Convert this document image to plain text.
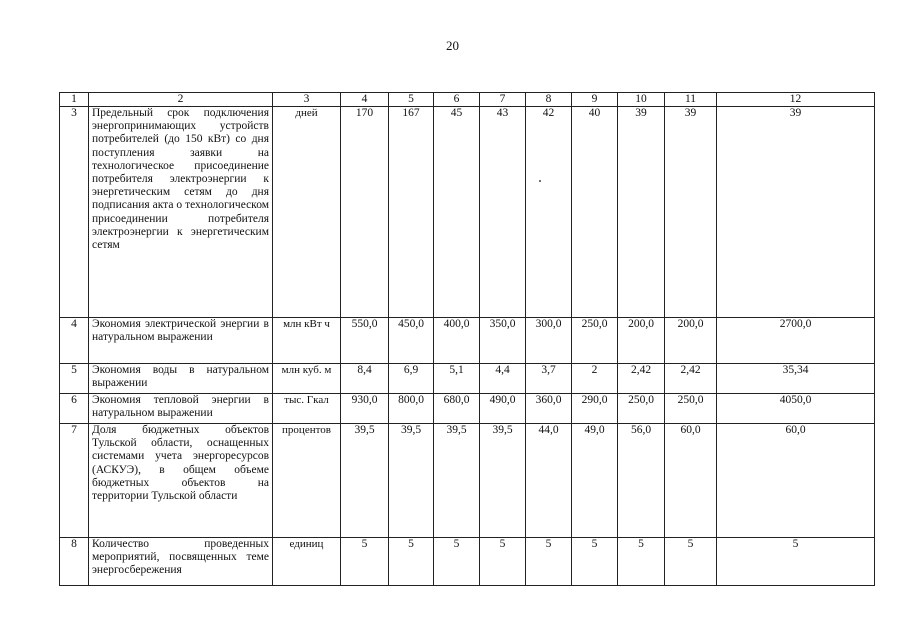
20
1	2	3	4	5	6	7	8	9	10	11	12
3	Предельный срок подключения энергопринимающих устройств потребителей (до 150 кВт) со дня поступления заявки на технологическое присоединение потребителя электроэнергии к энергетическим сетям до дня подписания акта о технологическом присоединении потребителя электроэнергии к энергетическим сетям	дней	170	167	45	43	42	40	39	39	39
4	Экономия электрической энергии в натуральном выражении	млн кВт ч	550,0	450,0	400,0	350,0	300,0	250,0	200,0	200,0	2700,0
5	Экономия воды в натуральном выражении	млн куб. м	8,4	6,9	5,1	4,4	3,7	2	2,42	2,42	35,34
6	Экономия тепловой энергии в натуральном выражении	тыс. Гкал	930,0	800,0	680,0	490,0	360,0	290,0	250,0	250,0	4050,0
7	Доля бюджетных объектов Тульской области, оснащенных системами учета энергоресурсов (АСКУЭ), в общем объеме бюджетных объектов на территории Тульской области	процентов	39,5	39,5	39,5	39,5	44,0	49,0	56,0	60,0	60,0
8	Количество проведенных мероприятий, посвященных теме энергосбережения	единиц	5	5	5	5	5	5	5	5	5
